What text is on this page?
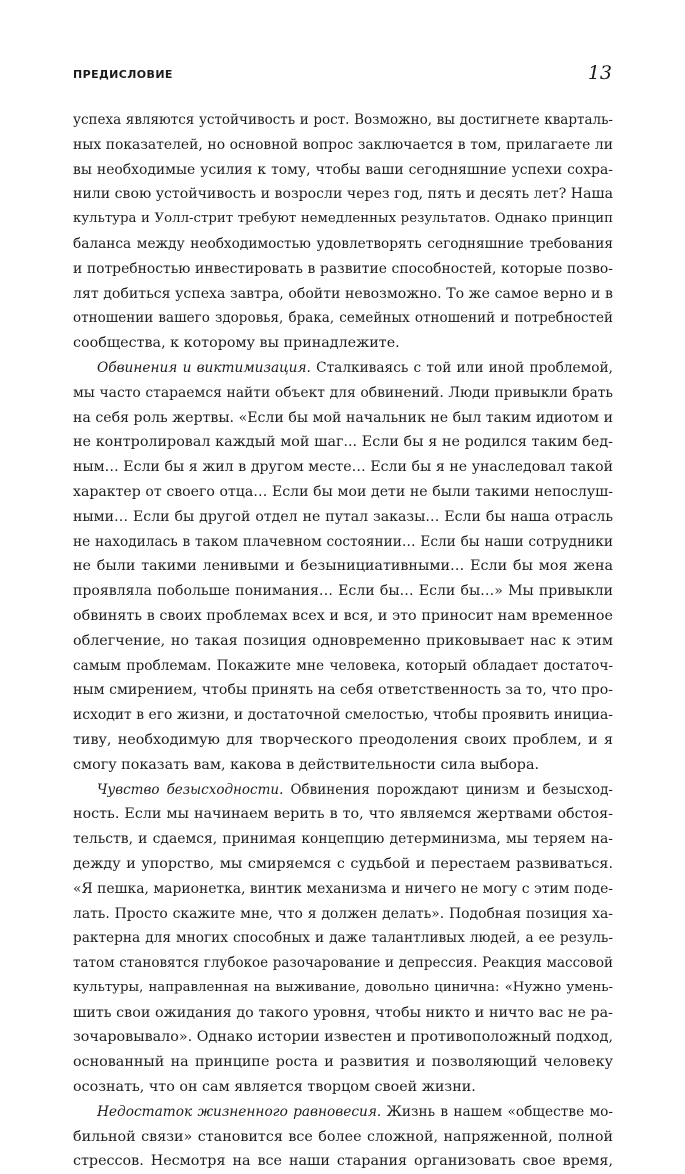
ПРЕДИСЛОВИЕ	13
успеха являются устойчивость и рост. Возможно, вы достигнете кварталь-
ных показателей, но основной вопрос заключается в том, прилагаете ли
вы необходимые усилия к тому, чтобы ваши сегодняшние успехи сохра-
нили свою устойчивость и возросли через год, пять и десять лет? Наша
культура и Уолл-стрит требуют немедленных результатов. Однако принцип
баланса между необходимостью удовлетворять сегодняшние требования
и потребностью инвестировать в развитие способностей, которые позво-
лят добиться успеха завтра, обойти невозможно. То же самое верно и в
отношении вашего здоровья, брака, семейных отношений и потребностей
сообщества, к которому вы принадлежите.
Обвинения и виктимизация. Сталкиваясь с той или иной проблемой,
мы часто стараемся найти объект для обвинений. Люди привыкли брать
на себя роль жертвы. «Если бы мой начальник не был таким идиотом и
не контролировал каждый мой шаг... Если бы я не родился таким бед-
ным… Если бы я жил в другом месте… Если бы я не унаследовал такой
характер от своего отца… Если бы мои дети не были такими непослуш-
ными… Если бы другой отдел не путал заказы… Если бы наша отрасль
не находилась в таком плачевном состоянии… Если бы наши сотрудники
не были такими ленивыми и безынициативными… Если бы моя жена
проявляла побольше понимания… Если бы… Если бы…» Мы привыкли
обвинять в своих проблемах всех и вся, и это приносит нам временное
облегчение, но такая позиция одновременно приковывает нас к этим
самым проблемам. Покажите мне человека, который обладает достаточ-
ным смирением, чтобы принять на себя ответственность за то, что про-
исходит в его жизни, и достаточной смелостью, чтобы проявить инициа-
тиву, необходимую для творческого преодоления своих проблем, и я
смогу показать вам, какова в действительности сила выбора.
Чувство безысходности. Обвинения порождают цинизм и безысход-
ность. Если мы начинаем верить в то, что являемся жертвами обстоя-
тельств, и сдаемся, принимая концепцию детерминизма, мы теряем на-
дежду и упорство, мы смиряемся с судьбой и перестаем развиваться.
«Я пешка, марионетка, винтик механизма и ничего не могу с этим поде-
лать. Просто скажите мне, что я должен делать». Подобная позиция ха-
рактерна для многих способных и даже талантливых людей, а ее резуль-
татом становятся глубокое разочарование и депрессия. Реакция массовой
культуры, направленная на выживание, довольно цинична: «Нужно умень-
шить свои ожидания до такого уровня, чтобы никто и ничто вас не ра-
зочаровывало». Однако истории известен и противоположный подход,
основанный на принципе роста и развития и позволяющий человеку
осознать, что он сам является творцом своей жизни.
Недостаток жизненного равновесия. Жизнь в нашем «обществе мо-
бильной связи» становится все более сложной, напряженной, полной
стрессов. Несмотря на все наши старания организовать свое время,
